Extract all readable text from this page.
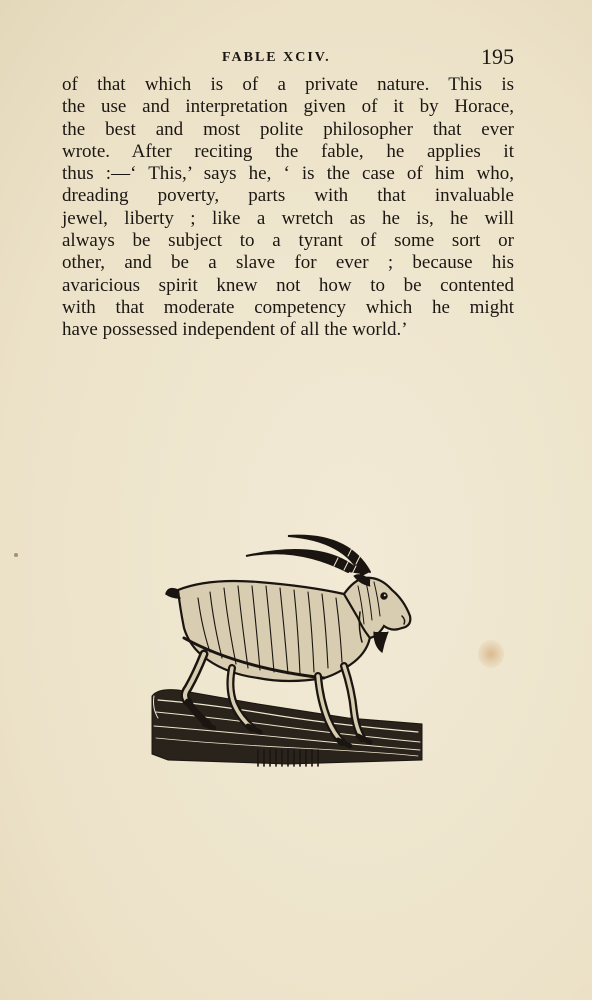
FABLE XCIV.	195
of that which is of a private nature. This is
the use and interpretation given of it by Horace,
the best and most polite philosopher that ever
wrote. After reciting the fable, he applies it
thus :—‘ This,’ says he, ‘ is the case of him who,
dreading poverty, parts with that invaluable
jewel, liberty ; like a wretch as he is, he will
always be subject to a tyrant of some sort or
other, and be a slave for ever ; because his
avaricious spirit knew not how to be contented
with that moderate competency which he might
have possessed independent of all the world.’
